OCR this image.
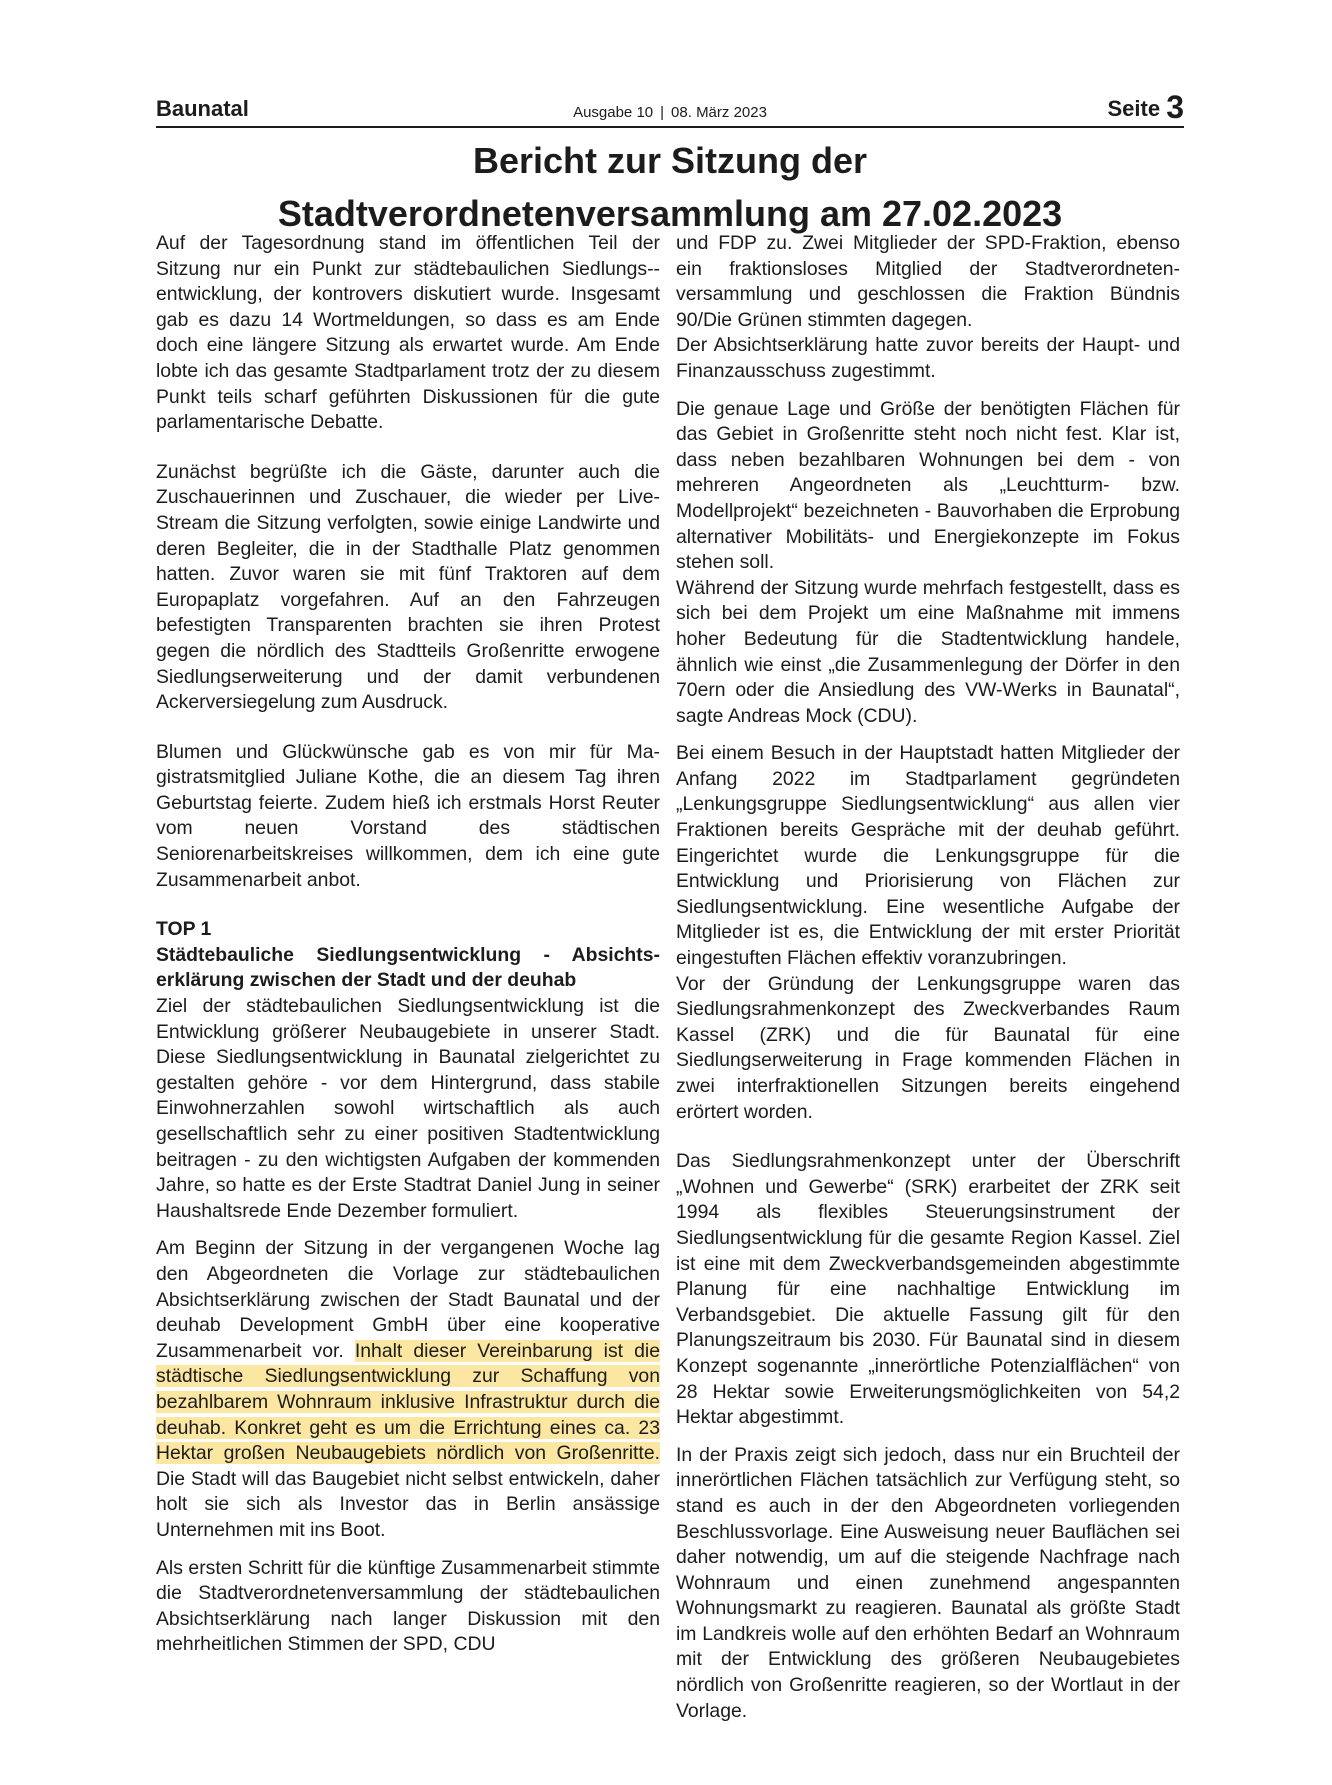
Baunatal	Ausgabe 10 | 08. März 2023	Seite 3
Bericht zur Sitzung der
Stadtverordnetenversammlung am 27.02.2023

Auf der Tagesordnung stand im öffentlichen Teil der Sitzung nur ein Punkt zur städtebaulichen Siedlungs-entwicklung, der kontrovers diskutiert wurde. Insgesamt gab es dazu 14 Wortmeldungen, so dass es am Ende doch eine längere Sitzung als erwartet wurde. Am Ende lobte ich das gesamte Stadtparlament trotz der zu diesem Punkt teils scharf geführten Diskussionen für die gute parlamentarische Debatte.

Zunächst begrüßte ich die Gäste, darunter auch die Zuschauerinnen und Zuschauer, die wieder per Live-Stream die Sitzung verfolgten, sowie einige Landwirte und deren Begleiter, die in der Stadthalle Platz genommen hatten. Zuvor waren sie mit fünf Traktoren auf dem Europaplatz vorgefahren. Auf an den Fahrzeugen befestigten Transparenten brachten sie ihren Protest gegen die nördlich des Stadtteils Großenritte erwogene Siedlungserweiterung und der damit verbundenen Ackerversiegelung zum Ausdruck.

Blumen und Glückwünsche gab es von mir für Magistratsmitglied Juliane Kothe, die an diesem Tag ihren Geburtstag feierte. Zudem hieß ich erstmals Horst Reuter vom neuen Vorstand des städtischen Seniorenarbeitskreises willkommen, dem ich eine gute Zusammenarbeit anbot.

TOP 1

Städtebauliche Siedlungsentwicklung - Absichtserklärung zwischen der Stadt und der deuhab

Ziel der städtebaulichen Siedlungsentwicklung ist die Entwicklung größerer Neubaugebiete in unserer Stadt. Diese Siedlungsentwicklung in Baunatal zielgerichtet zu gestalten gehöre - vor dem Hintergrund, dass stabile Einwohnerzahlen sowohl wirtschaftlich als auch gesellschaftlich sehr zu einer positiven Stadtentwicklung beitragen - zu den wichtigsten Aufgaben der kommenden Jahre, so hatte es der Erste Stadtrat Daniel Jung in seiner Haushaltsrede Ende Dezember formuliert.

Am Beginn der Sitzung in der vergangenen Woche lag den Abgeordneten die Vorlage zur städtebaulichen Absichtserklärung zwischen der Stadt Baunatal und der deuhab Development GmbH über eine kooperative Zusammenarbeit vor. Inhalt dieser Vereinbarung ist die städtische Siedlungsentwicklung zur Schaffung von bezahlbarem Wohnraum inklusive Infrastruktur durch die deuhab. Konkret geht es um die Errichtung eines ca. 23 Hektar großen Neubaugebiets nördlich von Großenritte. Die Stadt will das Baugebiet nicht selbst entwickeln, daher holt sie sich als Investor das in Berlin ansässige Unternehmen mit ins Boot.

Als ersten Schritt für die künftige Zusammenarbeit stimmte die Stadtverordnetenversammlung der städtebaulichen Absichtserklärung nach langer Diskussion mit den mehrheitlichen Stimmen der SPD, CDU

und FDP zu. Zwei Mitglieder der SPD-Fraktion, ebenso ein fraktionsloses Mitglied der Stadtverordnetenversammlung und geschlossen die Fraktion Bündnis 90/Die Grünen stimmten dagegen.

Der Absichtserklärung hatte zuvor bereits der Haupt- und Finanzausschuss zugestimmt.

Die genaue Lage und Größe der benötigten Flächen für das Gebiet in Großenritte steht noch nicht fest. Klar ist, dass neben bezahlbaren Wohnungen bei dem - von mehreren Angeordneten als „Leuchtturm- bzw. Modellprojekt“ bezeichneten - Bauvorhaben die Erprobung alternativer Mobilitäts- und Energiekonzepte im Fokus stehen soll.

Während der Sitzung wurde mehrfach festgestellt, dass es sich bei dem Projekt um eine Maßnahme mit immens hoher Bedeutung für die Stadtentwicklung handele, ähnlich wie einst „die Zusammenlegung der Dörfer in den 70ern oder die Ansiedlung des VW-Werks in Baunatal“, sagte Andreas Mock (CDU).

Bei einem Besuch in der Hauptstadt hatten Mitglieder der Anfang 2022 im Stadtparlament gegründeten „Lenkungsgruppe Siedlungsentwicklung“ aus allen vier Fraktionen bereits Gespräche mit der deuhab geführt. Eingerichtet wurde die Lenkungsgruppe für die Entwicklung und Priorisierung von Flächen zur Siedlungsentwicklung. Eine wesentliche Aufgabe der Mitglieder ist es, die Entwicklung der mit erster Priorität eingestuften Flächen effektiv voranzubringen.

Vor der Gründung der Lenkungsgruppe waren das Siedlungsrahmenkonzept des Zweckverbandes Raum Kassel (ZRK) und die für Baunatal für eine Siedlungserweiterung in Frage kommenden Flächen in zwei interfraktionellen Sitzungen bereits eingehend erörtert worden.

Das Siedlungsrahmenkonzept unter der Überschrift „Wohnen und Gewerbe“ (SRK) erarbeitet der ZRK seit 1994 als flexibles Steuerungsinstrument der Siedlungsentwicklung für die gesamte Region Kassel. Ziel ist eine mit dem Zweckverbandsgemeinden abgestimmte Planung für eine nachhaltige Entwicklung im Verbandsgebiet. Die aktuelle Fassung gilt für den Planungszeitraum bis 2030. Für Baunatal sind in diesem Konzept sogenannte „innerörtliche Potenzialflächen“ von 28 Hektar sowie Erweiterungsmöglichkeiten von 54,2 Hektar abgestimmt.

In der Praxis zeigt sich jedoch, dass nur ein Bruchteil der innerörtlichen Flächen tatsächlich zur Verfügung steht, so stand es auch in der den Abgeordneten vorliegenden Beschlussvorlage. Eine Ausweisung neuer Bauflächen sei daher notwendig, um auf die steigende Nachfrage nach Wohnraum und einen zunehmend angespannten Wohnungsmarkt zu reagieren. Baunatal als größte Stadt im Landkreis wolle auf den erhöhten Bedarf an Wohnraum mit der Entwicklung des größeren Neubaugebietes nördlich von Großenritte reagieren, so der Wortlaut in der Vorlage.
